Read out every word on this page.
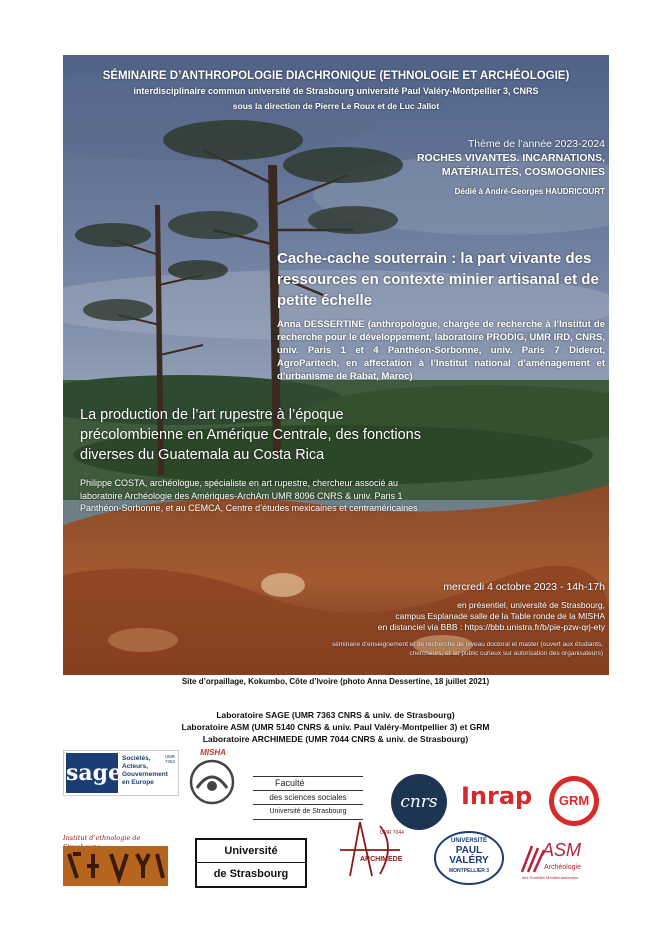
SÉMINAIRE D’ANTHROPOLOGIE DIACHRONIQUE (ETHNOLOGIE ET ARCHÉOLOGIE)
interdisciplinaire commun université de Strasbourg université Paul Valéry-Montpellier 3, CNRS
sous la direction de Pierre Le Roux et de Luc Jallot
Thème de l’année 2023-2024
ROCHES VIVANTES. INCARNATIONS,
MATÉRIALITÉS, COSMOGONIES
Dédié à André-Georges HAUDRICOURT
Cache-cache souterrain : la part vivante des ressources en contexte minier artisanal et de petite échelle
Anna DESSERTINE (anthropologue, chargée de recherche à l’Institut de recherche pour le développement, laboratoire PRODIG, UMR IRD, CNRS, univ. Paris 1 et 4 Panthéon-Sorbonne, univ. Paris 7 Diderot, AgroParitech, en affectation à l’Institut national d’aménagement et d’urbanisme de Rabat, Maroc)
La production de l’art rupestre à l’époque précolombienne en Amérique Centrale, des fonctions diverses du Guatemala au Costa Rica
Philippe COSTA, archéologue, spécialiste en art rupestre, chercheur associé au laboratoire Archéologie des Amériques-ArchAm UMR 8096 CNRS & univ. Paris 1 Panthéon-Sorbonne, et au CEMCA, Centre d’études mexicaines et centraméricaines
mercredi 4 octobre 2023 - 14h-17h
en présentiel, université de Strasbourg,
campus Esplanade salle de la Table ronde de la MISHA
en distanciel via BBB : https://bbb.unistra.fr/b/pie-pzw-qrj-ety
séminaire d’enseignement et de recherche de niveau doctoral et master (ouvert aux étudiants, chercheurs, et au public curieux sur autorisation des organisateurs)
Site d’orpaillage, Kokumbo, Côte d’Ivoire (photo Anna Dessertine, 18 juillet 2021)
Laboratoire SAGE (UMR 7363 CNRS & univ. de Strasbourg)
Laboratoire ASM (UMR 5140 CNRS & univ. Paul Valéry-Montpellier 3) et GRM
Laboratoire ARCHIMEDE (UMR 7044 CNRS & univ. de Strasbourg)
sage
Sociétés,
Acteurs,
Gouvernement
en Europe
UMR 7363
MISHA
Faculté
des sciences sociales
Université de Strasbourg	cnrs Inrap	GRM
Institut d’ethnologie de
Université
de Strasbourg
UMR 7044
ARCHIMEDE
UNIVERSITÉ
PAUL
VALÉRY
MONTPELLIER 3
ASM
Archéologie
des Sociétés Méditerranéennes
